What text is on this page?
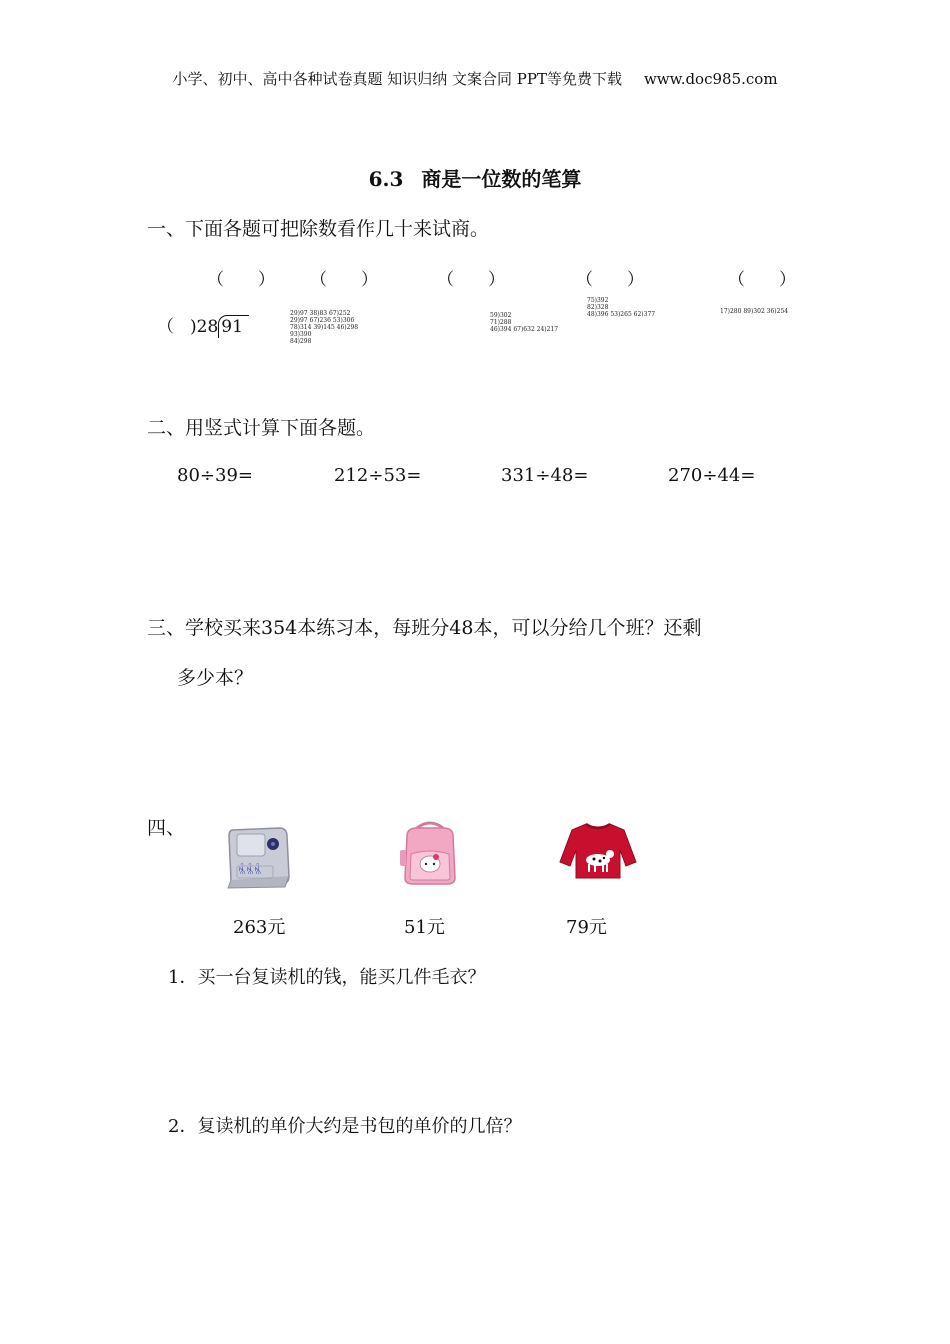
小学、初中、高中各种试卷真题 知识归纳 文案合同 PPT等免费下载 www.doc985.com
6.3 商是一位数的笔算
一、下面各题可把除数看作几十来试商。
（　　） （　　）	（　　）	（　　）	（　　）
（ )28 91
29)97 38)83 67)252
29)97 67)236 53)306
78)314 39)145 46)298
93)390
84)298
59)302
71)288
46)394 67)632 24)217
75)392
82)328
48)396 53)265 62)377	17)280 89)302 36)254
二、用竖式计算下面各题。
80÷39=	212÷53=	331÷48=	270÷44=
三、学校买来354本练习本，每班分48本，可以分给几个班？还剩
多少本？
四、
ꁰꁰꁰ
263元	51元	79元
1．买一台复读机的钱，能买几件毛衣？
2．复读机的单价大约是书包的单价的几倍？
